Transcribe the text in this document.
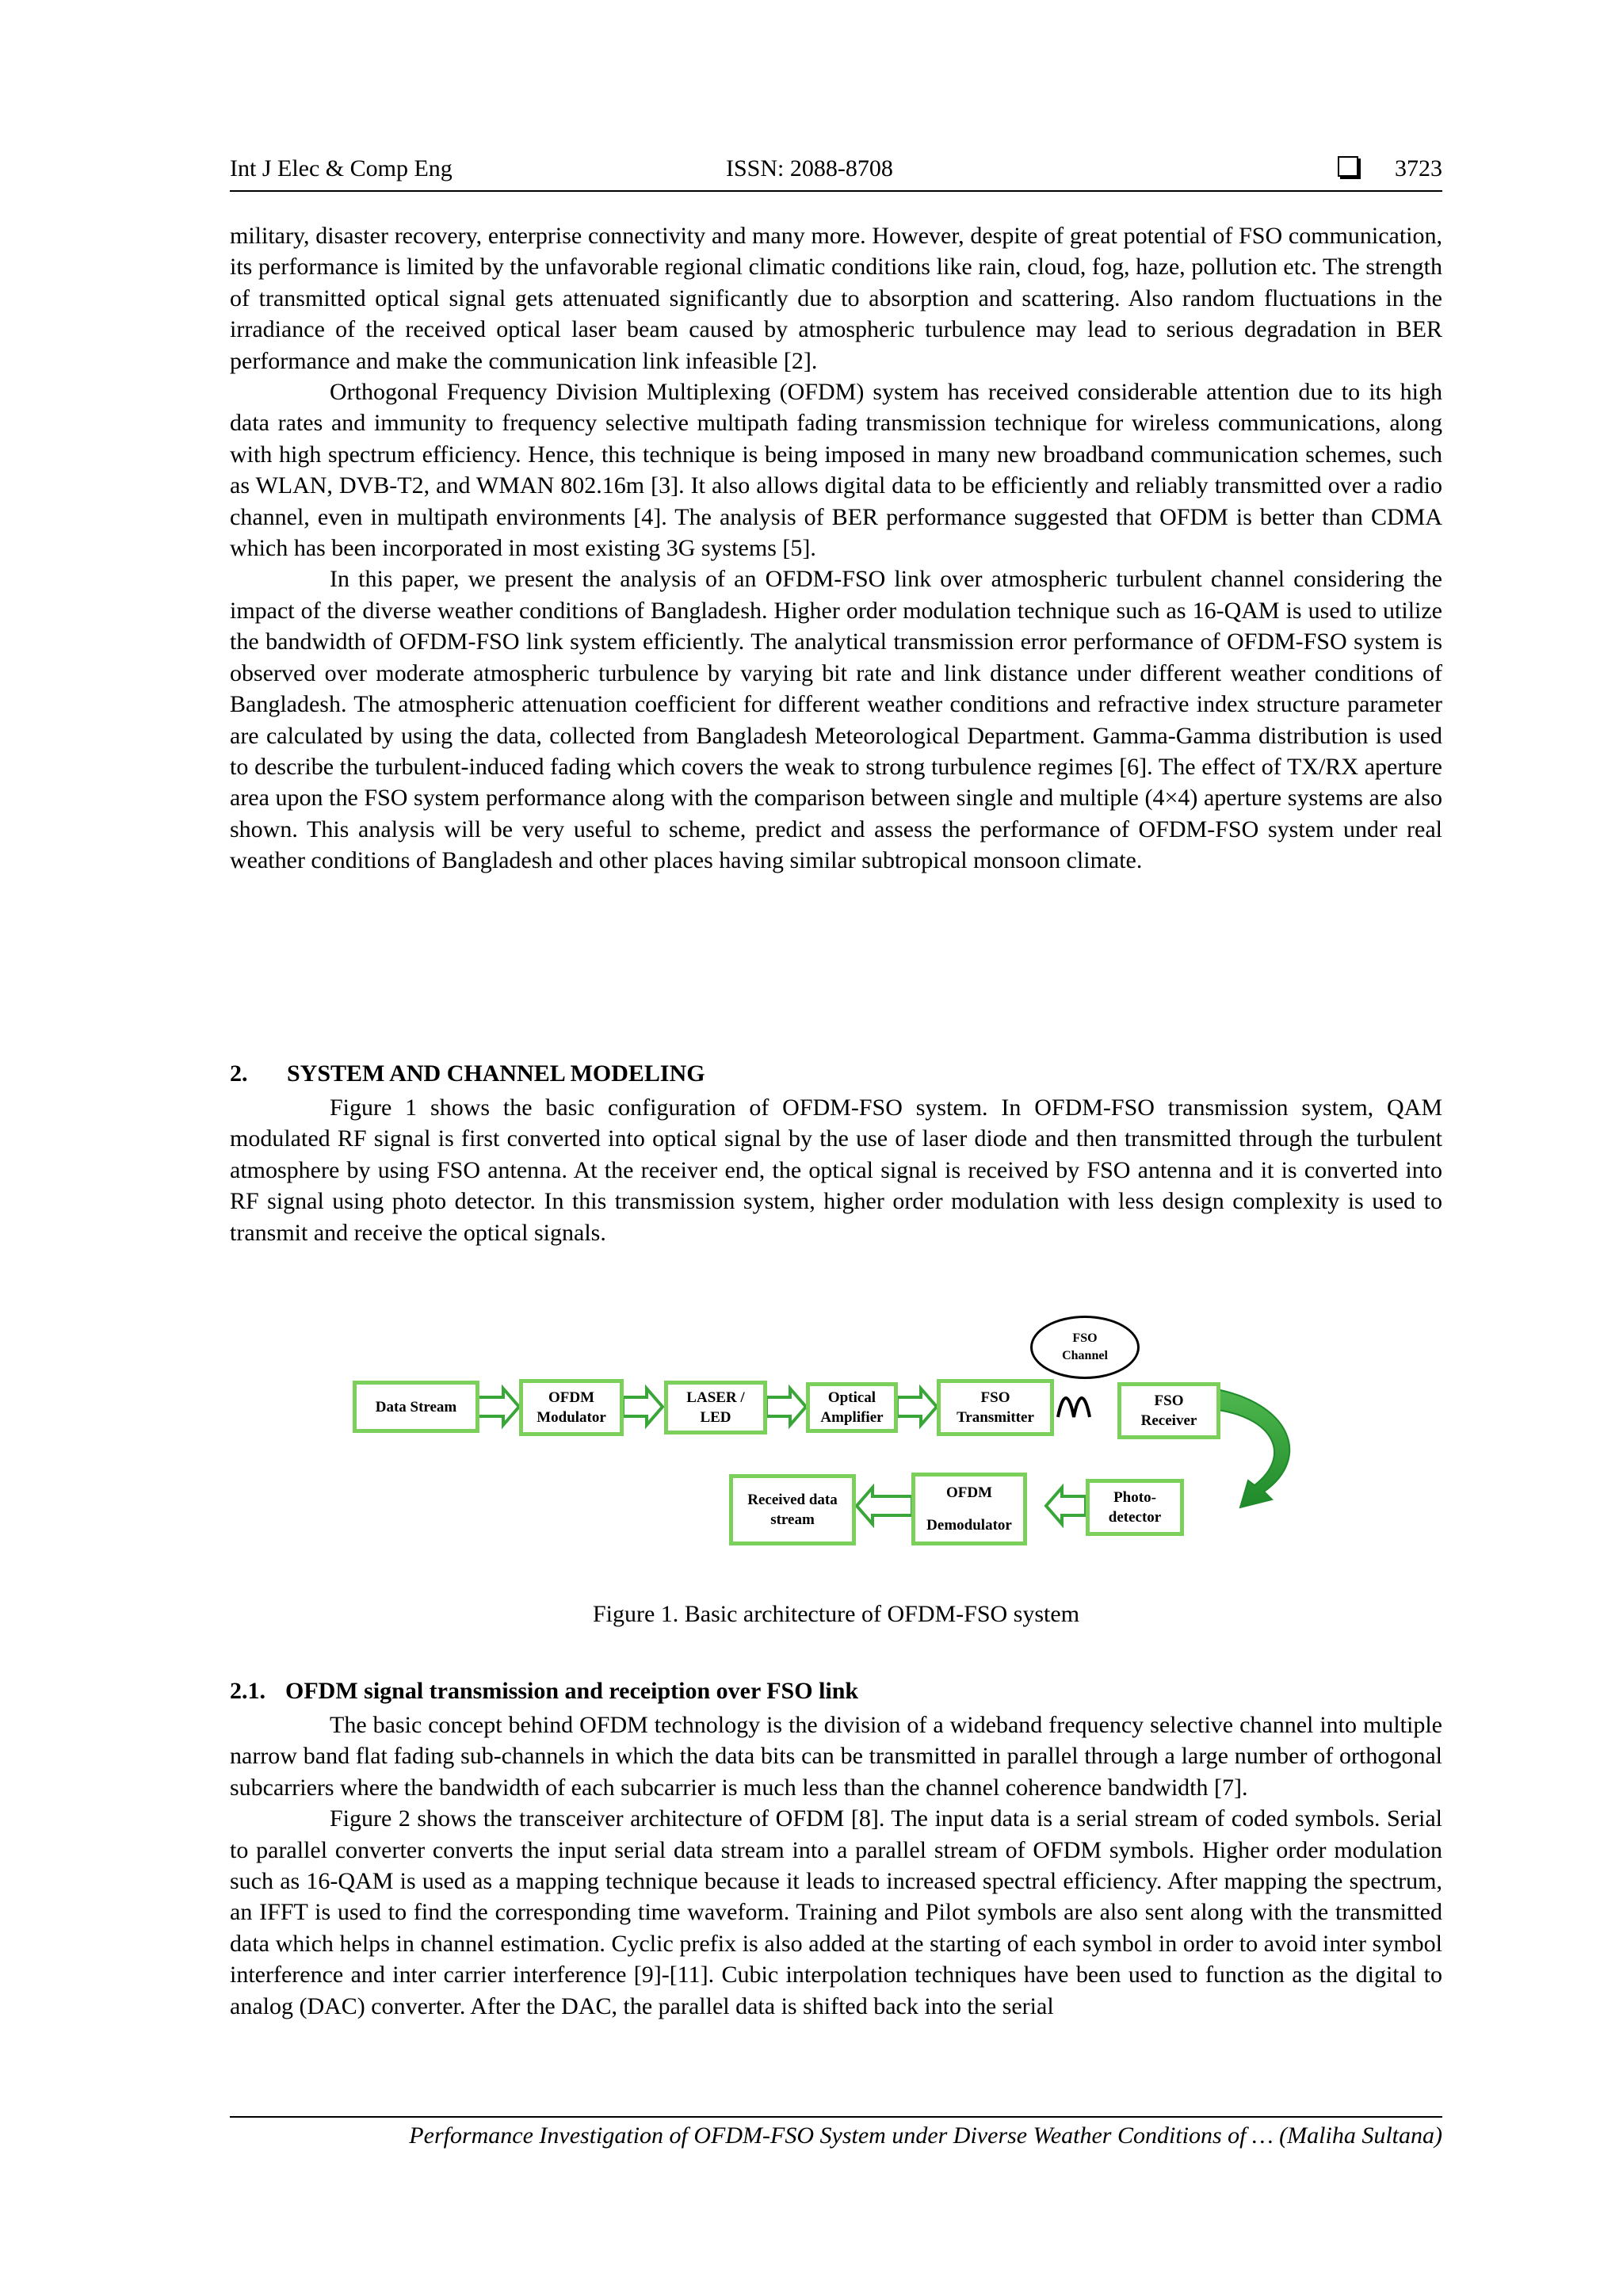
Int J Elec & Comp Eng	ISSN: 2088-8708	3723

military, disaster recovery, enterprise connectivity and many more. However, despite of great potential of FSO communication, its performance is limited by the unfavorable regional climatic conditions like rain, cloud, fog, haze, pollution etc. The strength of transmitted optical signal gets attenuated significantly due to absorption and scattering. Also random fluctuations in the irradiance of the received optical laser beam caused by atmospheric turbulence may lead to serious degradation in BER performance and make the communication link infeasible [2].

Orthogonal Frequency Division Multiplexing (OFDM) system has received considerable attention due to its high data rates and immunity to frequency selective multipath fading transmission technique for wireless communications, along with high spectrum efficiency. Hence, this technique is being imposed in many new broadband communication schemes, such as WLAN, DVB-T2, and WMAN 802.16m [3]. It also allows digital data to be efficiently and reliably transmitted over a radio channel, even in multipath environments [4]. The analysis of BER performance suggested that OFDM is better than CDMA which has been incorporated in most existing 3G systems [5].

In this paper, we present the analysis of an OFDM-FSO link over atmospheric turbulent channel considering the impact of the diverse weather conditions of Bangladesh. Higher order modulation technique such as 16-QAM is used to utilize the bandwidth of OFDM-FSO link system efficiently. The analytical transmission error performance of OFDM-FSO system is observed over moderate atmospheric turbulence by varying bit rate and link distance under different weather conditions of Bangladesh. The atmospheric attenuation coefficient for different weather conditions and refractive index structure parameter are calculated by using the data, collected from Bangladesh Meteorological Department. Gamma-Gamma distribution is used to describe the turbulent-induced fading which covers the weak to strong turbulence regimes [6]. The effect of TX/RX aperture area upon the FSO system performance along with the comparison between single and multiple (4×4) aperture systems are also shown. This analysis will be very useful to scheme, predict and assess the performance of OFDM-FSO system under real weather conditions of Bangladesh and other places having similar subtropical monsoon climate.

2. SYSTEM AND CHANNEL MODELING

Figure 1 shows the basic configuration of OFDM-FSO system. In OFDM-FSO transmission system, QAM modulated RF signal is first converted into optical signal by the use of laser diode and then transmitted through the turbulent atmosphere by using FSO antenna. At the receiver end, the optical signal is received by FSO antenna and it is converted into RF signal using photo detector. In this transmission system, higher order modulation with less design complexity is used to transmit and receive the optical signals.

Data Stream
OFDM
Modulator
LASER /
LED
Optical
Amplifier
FSO
Transmitter
FSO
Channel
FSO
Receiver
Photo-
detector
OFDM
Demodulator
Received data
stream
Figure 1. Basic architecture of OFDM-FSO system
2.1. OFDM signal transmission and receiption over FSO link

The basic concept behind OFDM technology is the division of a wideband frequency selective channel into multiple narrow band flat fading sub-channels in which the data bits can be transmitted in parallel through a large number of orthogonal subcarriers where the bandwidth of each subcarrier is much less than the channel coherence bandwidth [7].

Figure 2 shows the transceiver architecture of OFDM [8]. The input data is a serial stream of coded symbols. Serial to parallel converter converts the input serial data stream into a parallel stream of OFDM symbols. Higher order modulation such as 16-QAM is used as a mapping technique because it leads to increased spectral efficiency. After mapping the spectrum, an IFFT is used to find the corresponding time waveform. Training and Pilot symbols are also sent along with the transmitted data which helps in channel estimation. Cyclic prefix is also added at the starting of each symbol in order to avoid inter symbol interference and inter carrier interference [9]-[11]. Cubic interpolation techniques have been used to function as the digital to analog (DAC) converter. After the DAC, the parallel data is shifted back into the serial

Performance Investigation of OFDM-FSO System under Diverse Weather Conditions of … (Maliha Sultana)
